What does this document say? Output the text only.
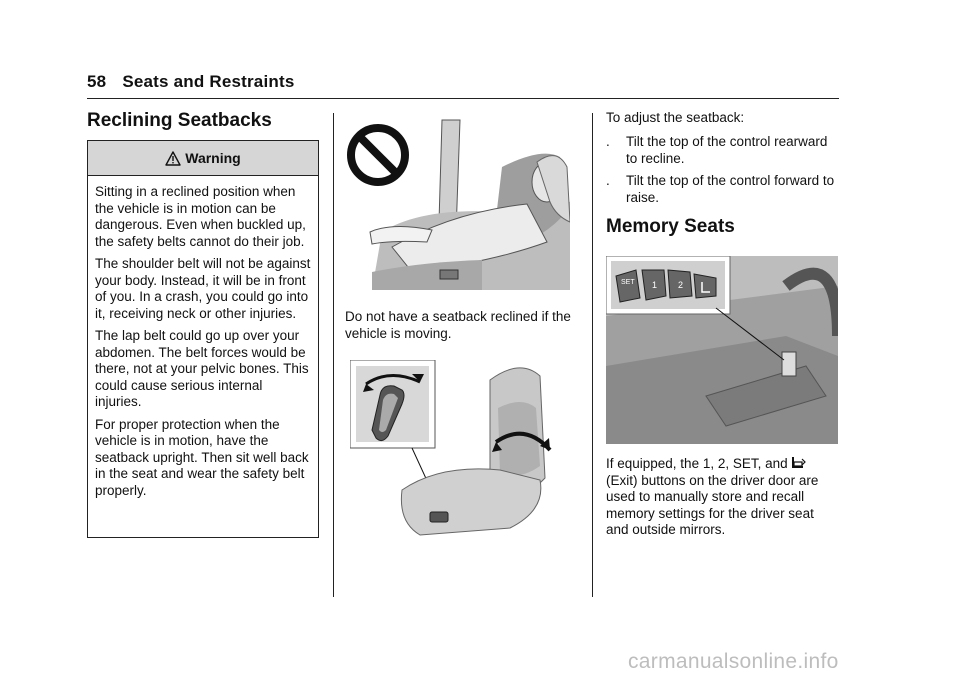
58 Seats and Restraints
Reclining Seatbacks
Warning

Sitting in a reclined position when the vehicle is in motion can be dangerous. Even when buckled up, the safety belts cannot do their job.

The shoulder belt will not be against your body. Instead, it will be in front of you. In a crash, you could go into it, receiving neck or other injuries.

The lap belt could go up over your abdomen. The belt forces would be there, not at your pelvic bones. This could cause serious internal injuries.

For proper protection when the vehicle is in motion, have the seatback upright. Then sit well back in the seat and wear the safety belt properly.

Do not have a seatback reclined if the vehicle is moving.
To adjust the seatback:
. Tilt the top of the control rearward to recline.
. Tilt the top of the control forward to raise.
Memory Seats
SET 1 2
If equipped, the 1, 2, SET, and
(Exit) buttons on the driver door are used to manually store and recall memory settings for the driver seat and outside mirrors.
carmanualsonline.info
